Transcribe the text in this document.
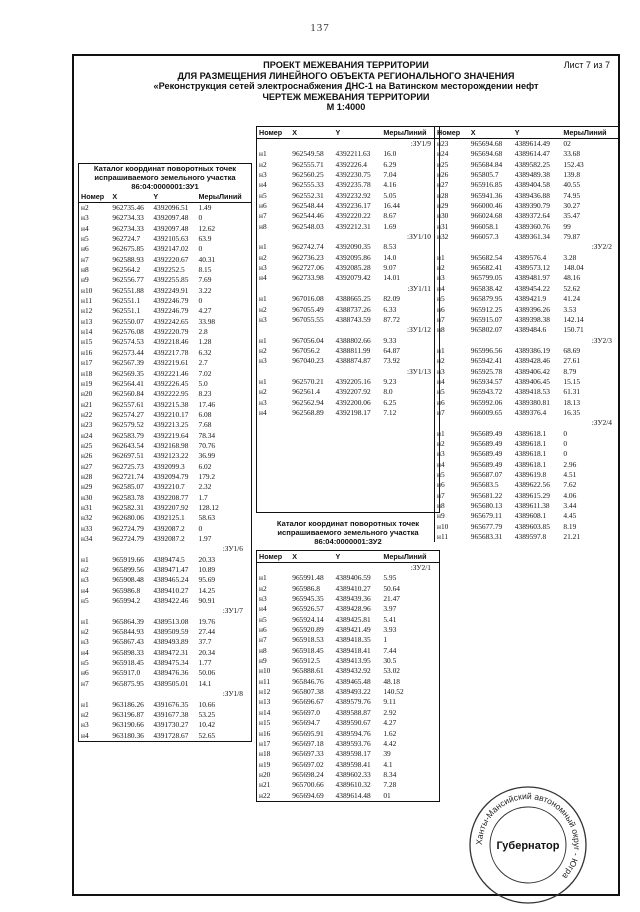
137
ПРОЕКТ МЕЖЕВАНИЯ ТЕРРИТОРИИ
ДЛЯ РАЗМЕЩЕНИЯ ЛИНЕЙНОГО ОБЪЕКТА РЕГИОНАЛЬНОГО ЗНАЧЕНИЯ
«Реконструкция сетей электроснабжения ДНС-1 на Ватинском месторождении нефт
ЧЕРТЕЖ МЕЖЕВАНИЯ ТЕРРИТОРИИ
М 1:4000
Лист 7 из 7
Каталог координат поворотных точек испрашиваемого земельного участка 86:04:0000001:ЗУ1
Номер	X	Y	МерыЛиний
н2	962735.46	4392096.51	1.49
н3	962734.33	4392097.48	0
н4	962734.33	4392097.48	12.62
н5	962724.7	4392105.63	63.9
н6	962675.85	4392147.02	0
н7	962588.93	4392220.67	40.31
н8	962564.2	4392252.5	8.15
н9	962556.77	4392255.85	7.69
н10	962551.88	4392249.91	3.22
н11	962551.1	4392246.79	0
н12	962551.1	4392246.79	4.27
н13	962550.07	4392242.65	33.98
н14	962576.08	4392220.79	2.8
н15	962574.53	4392218.46	1.28
н16	962573.44	4392217.78	6.32
н17	962567.39	4392219.61	2.7
н18	962569.35	4392221.46	7.02
н19	962564.41	4392226.45	5.0
н20	962560.84	4392222.95	8.23
н21	962557.61	4392215.38	17.46
н22	962574.27	4392210.17	6.08
н23	962579.52	4392213.25	7.68
н24	962583.79	4392219.64	78.34
н25	962643.54	4392168.98	70.76
н26	962697.51	4392123.22	36.99
н27	962725.73	4392099.3	6.02
н28	962721.74	4392094.79	179.2
н29	962585.07	4392210.7	2.32
н30	962583.78	4392208.77	1.7
н31	962582.31	4392207.92	128.12
н32	962680.06	4392125.1	58.63
н33	962724.79	4392087.2	0
н34	962724.79	4392087.2	1.97
:ЗУ1/6			
н1	965919.66	4389474.5	20.33
н2	965899.56	4389471.47	10.89
н3	965908.48	4389465.24	95.69
н4	965986.8	4389410.27	14.25
н5	965994.2	4389422.46	90.91
:ЗУ1/7			
н1	965864.39	4389513.08	19.76
н2	965844.93	4389509.59	27.44
н3	965867.43	4389493.89	37.7
н4	965898.33	4389472.31	20.34
н5	965918.45	4389475.34	1.77
н6	965917.0	4389476.36	50.06
н7	965875.95	4389505.01	14.1
:ЗУ1/8			
н1	963186.26	4391676.35	10.66
н2	963196.87	4391677.38	53.25
н3	963190.66	4391730.27	10.42
н4	963180.36	4391728.67	52.65
Номер	X	Y	МерыЛиний
:ЗУ1/9			
н1	962549.58	4392211.63	16.0
н2	962555.71	4392226.4	6.29
н3	962560.25	4392230.75	7.04
н4	962555.33	4392235.78	4.16
н5	962552.31	4392232.92	5.05
н6	962548.44	4392236.17	16.44
н7	962544.46	4392220.22	8.67
н8	962548.03	4392212.31	1.69
:ЗУ1/10			
н1	962742.74	4392090.35	8.53
н2	962736.23	4392095.86	14.0
н3	962727.06	4392085.28	9.07
н4	962733.98	4392079.42	14.01
:ЗУ1/11			
н1	967016.08	4388665.25	82.09
н2	967055.49	4388737.26	6.33
н3	967055.55	4388743.59	87.72
:ЗУ1/12			
н1	967056.04	4388802.66	9.33
н2	967056.2	4388811.99	64.87
н3	967040.23	4388874.87	73.92
:ЗУ1/13			
н1	962570.21	4392205.16	9.23
н2	962561.4	4392207.92	8.0
н3	962562.94	4392200.06	6.25
н4	962568.89	4392198.17	7.12
Каталог координат поворотных точек испрашиваемого земельного участка 86:04:0000001:ЗУ2
Номер	X	Y	МерыЛиний
:ЗУ2/1			
н1	965991.48	4389406.59	5.95
н2	965986.8	4389410.27	50.64
н3	965945.35	4389439.36	21.47
н4	965926.57	4389428.96	3.97
н5	965924.14	4389425.81	5.41
н6	965920.89	4389421.49	3.93
н7	965918.53	4389418.35	1
н8	965918.45	4389418.41	7.44
н9	965912.5	4389413.95	30.5
н10	965888.61	4389432.92	53.02
н11	965846.76	4389465.48	48.18
н12	965807.38	4389493.22	140.52
н13	965696.67	4389579.76	9.11
н14	965697.0	4389588.87	2.92
н15	965694.7	4389590.67	4.27
н16	965695.91	4389594.76	1.62
н17	965697.18	4389593.76	4.42
н18	965697.33	4389598.17	39
н19	965697.02	4389598.41	4.1
н20	965698.24	4389602.33	8.34
н21	965700.66	4389610.32	7.28
н22	965694.69	4389614.48	01
Номер	X	Y	МерыЛиний
н23	965694.68	4389614.49	02
н24	965694.68	4389614.47	33.68
н25	965684.84	4389582.25	152.43
н26	965805.7	4389489.38	139.8
н27	965916.85	4389404.58	40.55
н28	965941.36	4389436.88	74.95
н29	966000.46	4389390.79	30.27
н30	966024.68	4389372.64	35.47
н31	966058.1	4389360.76	99
н32	966057.3	4389361.34	79.87
:ЗУ2/2			
н1	965682.54	4389576.4	3.28
н2	965682.41	4389573.12	148.04
н3	965799.05	4389481.97	48.16
н4	965838.42	4389454.22	52.62
н5	965879.95	4389421.9	41.24
н6	965912.25	4389396.26	3.53
н7	965915.07	4389398.38	142.14
н8	965802.07	4389484.6	150.71
:ЗУ2/3			
н1	965996.56	4389386.19	68.69
н2	965942.41	4389428.46	27.61
н3	965925.78	4389406.42	8.79
н4	965934.57	4389406.45	15.15
н5	965943.72	4389418.53	61.31
н6	965992.06	4389380.81	18.13
н7	966009.65	4389376.4	16.35
:ЗУ2/4			
н1	965689.49	4389618.1	0
н2	965689.49	4389618.1	0
н3	965689.49	4389618.1	0
н4	965689.49	4389618.1	2.96
н5	965687.07	4389619.8	4.51
н6	965683.5	4389622.56	7.62
н7	965681.22	4389615.29	4.06
н8	965680.13	4389611.38	3.44
н9	965679.11	4389608.1	4.45
н10	965677.79	4389603.85	8.19
н11	965683.31	4389597.8	21.21
Ханты-Мансийский автономный округ - Югра
Губернатор
